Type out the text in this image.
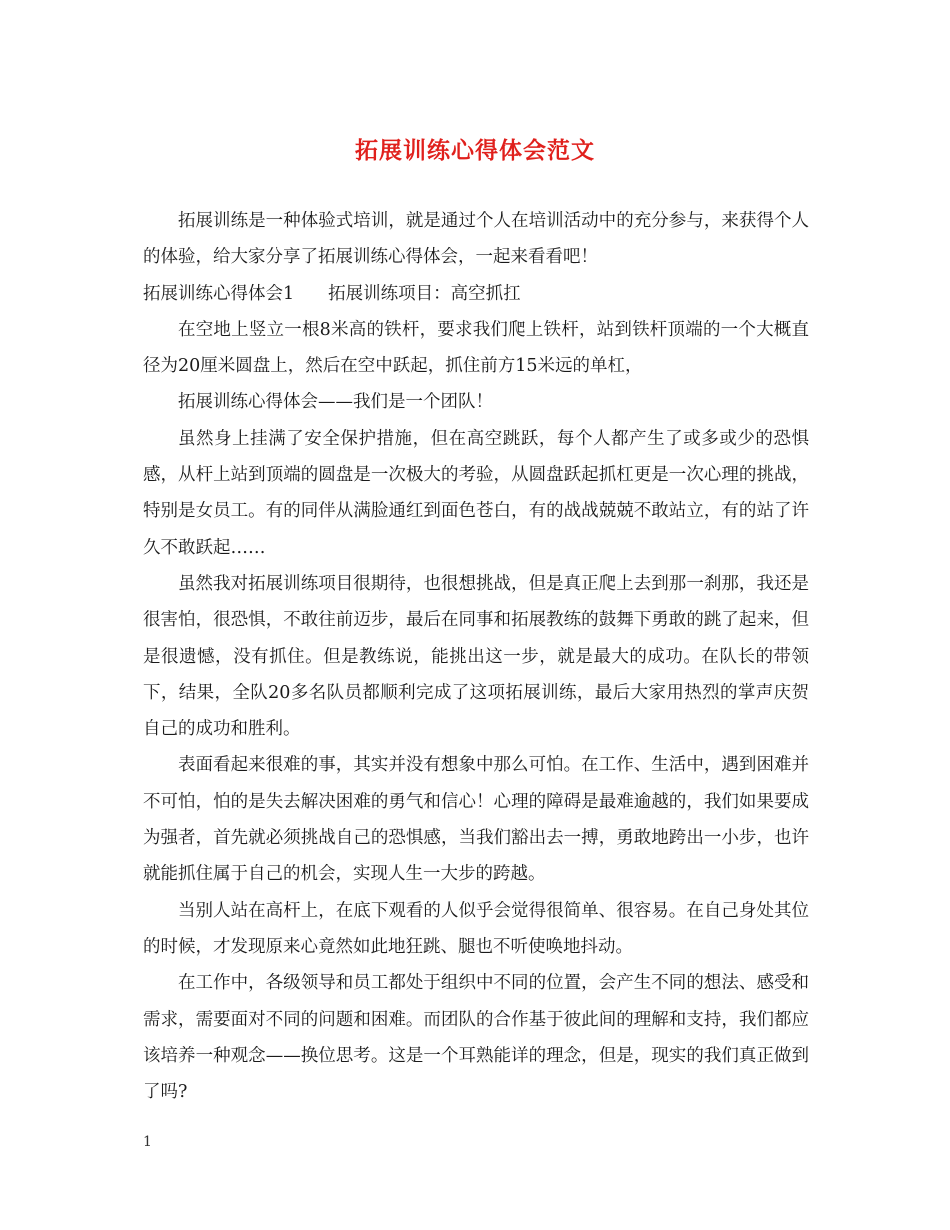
拓展训练心得体会范文

拓展训练是一种体验式培训，就是通过个人在培训活动中的充分参与，来获得个人的体验，给大家分享了拓展训练心得体会，一起来看看吧！

拓展训练心得体会1 拓展训练项目：高空抓扛

在空地上竖立一根8米高的铁杆，要求我们爬上铁杆，站到铁杆顶端的一个大概直径为20厘米圆盘上，然后在空中跃起，抓住前方15米远的单杠，

拓展训练心得体会——我们是一个团队！

虽然身上挂满了安全保护措施，但在高空跳跃，每个人都产生了或多或少的恐惧感，从杆上站到顶端的圆盘是一次极大的考验，从圆盘跃起抓杠更是一次心理的挑战，特别是女员工。有的同伴从满脸通红到面色苍白，有的战战兢兢不敢站立，有的站了许久不敢跃起……

虽然我对拓展训练项目很期待，也很想挑战，但是真正爬上去到那一刹那，我还是很害怕，很恐惧，不敢往前迈步，最后在同事和拓展教练的鼓舞下勇敢的跳了起来，但是很遗憾，没有抓住。但是教练说，能挑出这一步，就是最大的成功。在队长的带领下，结果，全队20多名队员都顺利完成了这项拓展训练，最后大家用热烈的掌声庆贺自己的成功和胜利。

表面看起来很难的事，其实并没有想象中那么可怕。在工作、生活中，遇到困难并不可怕，怕的是失去解决困难的勇气和信心！心理的障碍是最难逾越的，我们如果要成为强者，首先就必须挑战自己的恐惧感，当我们豁出去一搏，勇敢地跨出一小步，也许就能抓住属于自己的机会，实现人生一大步的跨越。

当别人站在高杆上，在底下观看的人似乎会觉得很简单、很容易。在自己身处其位的时候，才发现原来心竟然如此地狂跳、腿也不听使唤地抖动。

在工作中，各级领导和员工都处于组织中不同的位置，会产生不同的想法、感受和需求，需要面对不同的问题和困难。而团队的合作基于彼此间的理解和支持，我们都应该培养一种观念——换位思考。这是一个耳熟能详的理念，但是，现实的我们真正做到了吗?

1
